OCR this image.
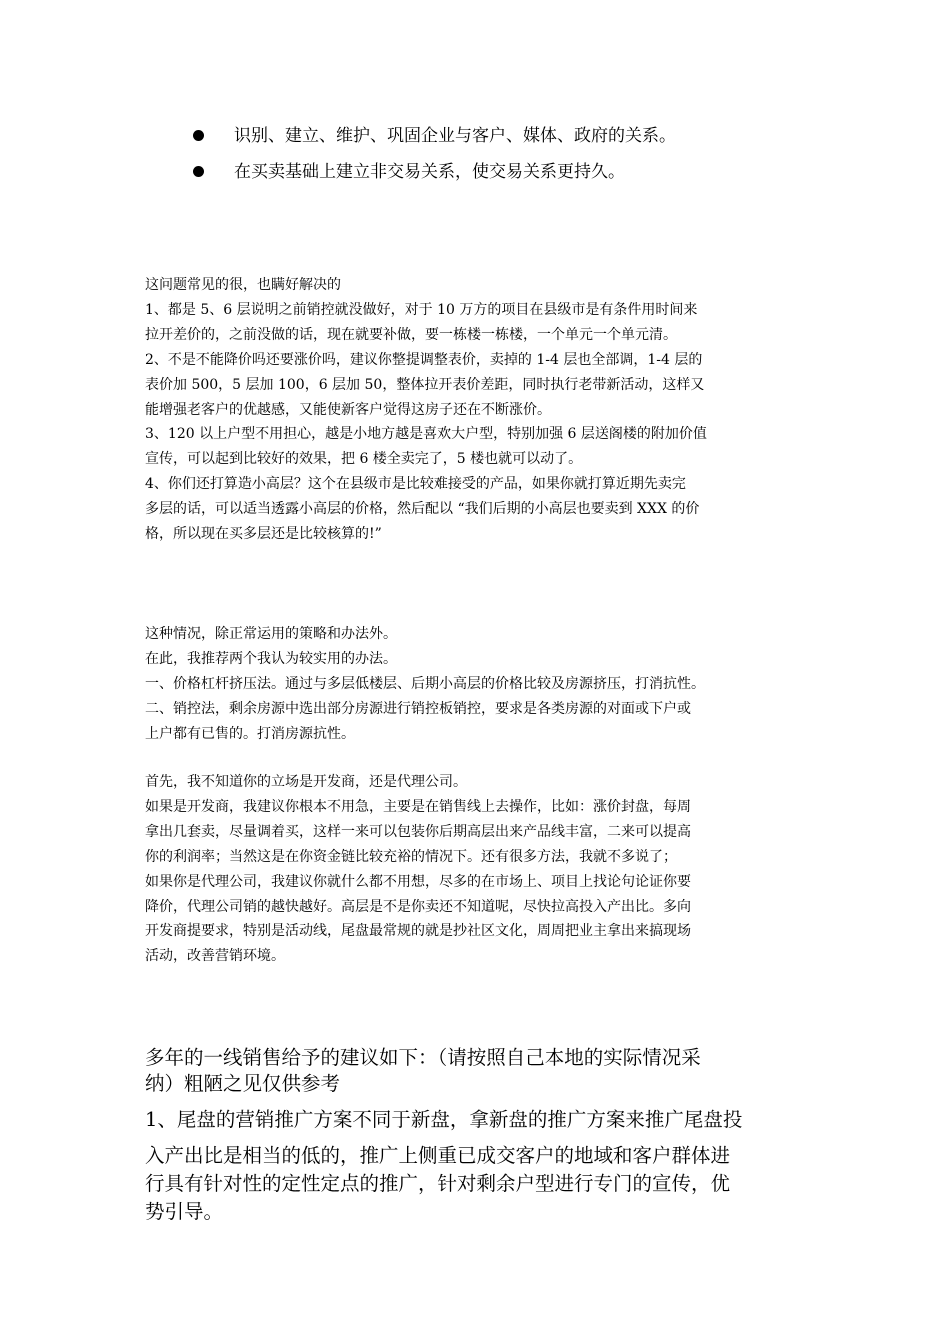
识别、建立、维护、巩固企业与客户、媒体、政府的关系。
在买卖基础上建立非交易关系，使交易关系更持久。

这问题常见的很，也瞒好解决的

1、都是 5、6 层说明之前销控就没做好，对于 10 万方的项目在县级市是有条件用时间来
拉开差价的，之前没做的话，现在就要补做，要一栋楼一栋楼，一个单元一个单元清。

2、不是不能降价吗还要涨价吗，建议你整提调整表价，卖掉的 1-4 层也全部调，1-4 层的
表价加 500，5 层加 100，6 层加 50，整体拉开表价差距，同时执行老带新活动，这样又
能增强老客户的优越感，又能使新客户觉得这房子还在不断涨价。

3、120 以上户型不用担心，越是小地方越是喜欢大户型，特别加强 6 层送阁楼的附加价值
宣传，可以起到比较好的效果，把 6 楼全卖完了，5 楼也就可以动了。

4、你们还打算造小高层？这个在县级市是比较难接受的产品，如果你就打算近期先卖完
多层的话，可以适当透露小高层的价格，然后配以 “我们后期的小高层也要卖到 XXX 的价
格，所以现在买多层还是比较核算的!”

这种情况，除正常运用的策略和办法外。

在此，我推荐两个我认为较实用的办法。

一、价格杠杆挤压法。通过与多层低楼层、后期小高层的价格比较及房源挤压，打消抗性。

二、销控法，剩余房源中选出部分房源进行销控板销控，要求是各类房源的对面或下户或
上户都有已售的。打消房源抗性。

首先，我不知道你的立场是开发商，还是代理公司。

如果是开发商，我建议你根本不用急，主要是在销售线上去操作，比如：涨价封盘，每周
拿出几套卖，尽量调着买，这样一来可以包装你后期高层出来产品线丰富，二来可以提高
你的利润率；当然这是在你资金链比较充裕的情况下。还有很多方法，我就不多说了；

如果你是代理公司，我建议你就什么都不用想，尽多的在市场上、项目上找论句论证你要
降价，代理公司销的越快越好。高层是不是你卖还不知道呢，尽快拉高投入产出比。多向
开发商提要求，特别是活动线，尾盘最常规的就是抄社区文化，周周把业主拿出来搞现场
活动，改善营销环境。

多年的一线销售给予的建议如下：（请按照自己本地的实际情况采
纳）粗陋之见仅供参考

1、尾盘的营销推广方案不同于新盘，拿新盘的推广方案来推广尾盘投

入产出比是相当的低的，推广上侧重已成交客户的地域和客户群体进
行具有针对性的定性定点的推广，针对剩余户型进行专门的宣传，优
势引导。
